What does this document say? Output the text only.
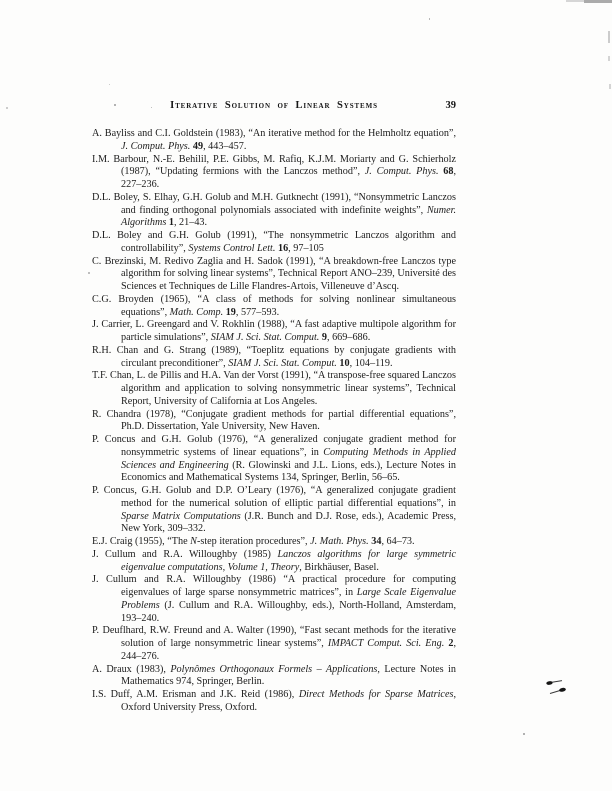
Iterative Solution of Linear Systems	39
A. Bayliss and C.I. Goldstein (1983), “An iterative method for the Helmholtz equation”, J. Comput. Phys. 49, 443–457.
I.M. Barbour, N.-E. Behilil, P.E. Gibbs, M. Rafiq, K.J.M. Moriarty and G. Schierholz (1987), “Updating fermions with the Lanczos method”, J. Comput. Phys. 68, 227–236.
D.L. Boley, S. Elhay, G.H. Golub and M.H. Gutknecht (1991), “Nonsymmetric Lanczos and finding orthogonal polynomials associated with indefinite weights”, Numer. Algorithms 1, 21–43.
D.L. Boley and G.H. Golub (1991), “The nonsymmetric Lanczos algorithm and controllability”, Systems Control Lett. 16, 97–105
C. Brezinski, M. Redivo Zaglia and H. Sadok (1991), “A breakdown-free Lanczos type algorithm for solving linear systems”, Technical Report ANO–239, Université des Sciences et Techniques de Lille Flandres-Artois, Villeneuve d’Ascq.
C.G. Broyden (1965), “A class of methods for solving nonlinear simultaneous equations”, Math. Comp. 19, 577–593.
J. Carrier, L. Greengard and V. Rokhlin (1988), “A fast adaptive multipole algorithm for particle simulations”, SIAM J. Sci. Stat. Comput. 9, 669–686.
R.H. Chan and G. Strang (1989), “Toeplitz equations by conjugate gradients with circulant preconditioner”, SIAM J. Sci. Stat. Comput. 10, 104–119.
T.F. Chan, L. de Pillis and H.A. Van der Vorst (1991), “A transpose-free squared Lanczos algorithm and application to solving nonsymmetric linear systems”, Technical Report, University of California at Los Angeles.
R. Chandra (1978), “Conjugate gradient methods for partial differential equations”, Ph.D. Dissertation, Yale University, New Haven.
P. Concus and G.H. Golub (1976), “A generalized conjugate gradient method for nonsymmetric systems of linear equations”, in Computing Methods in Applied Sciences and Engineering (R. Glowinski and J.L. Lions, eds.), Lecture Notes in Economics and Mathematical Systems 134, Springer, Berlin, 56–65.
P. Concus, G.H. Golub and D.P. O’Leary (1976), “A generalized conjugate gradient method for the numerical solution of elliptic partial differential equations”, in Sparse Matrix Computations (J.R. Bunch and D.J. Rose, eds.), Academic Press, New York, 309–332.
E.J. Craig (1955), “The N-step iteration procedures”, J. Math. Phys. 34, 64–73.
J. Cullum and R.A. Willoughby (1985) Lanczos algorithms for large symmetric eigenvalue computations, Volume 1, Theory, Birkhäuser, Basel.
J. Cullum and R.A. Willoughby (1986) “A practical procedure for computing eigenvalues of large sparse nonsymmetric matrices”, in Large Scale Eigenvalue Problems (J. Cullum and R.A. Willoughby, eds.), North-Holland, Amsterdam, 193–240.
P. Deuflhard, R.W. Freund and A. Walter (1990), “Fast secant methods for the iterative solution of large nonsymmetric linear systems”, IMPACT Comput. Sci. Eng. 2, 244–276.
A. Draux (1983), Polynômes Orthogonaux Formels – Applications, Lecture Notes in Mathematics 974, Springer, Berlin.
I.S. Duff, A.M. Erisman and J.K. Reid (1986), Direct Methods for Sparse Matrices, Oxford University Press, Oxford.
